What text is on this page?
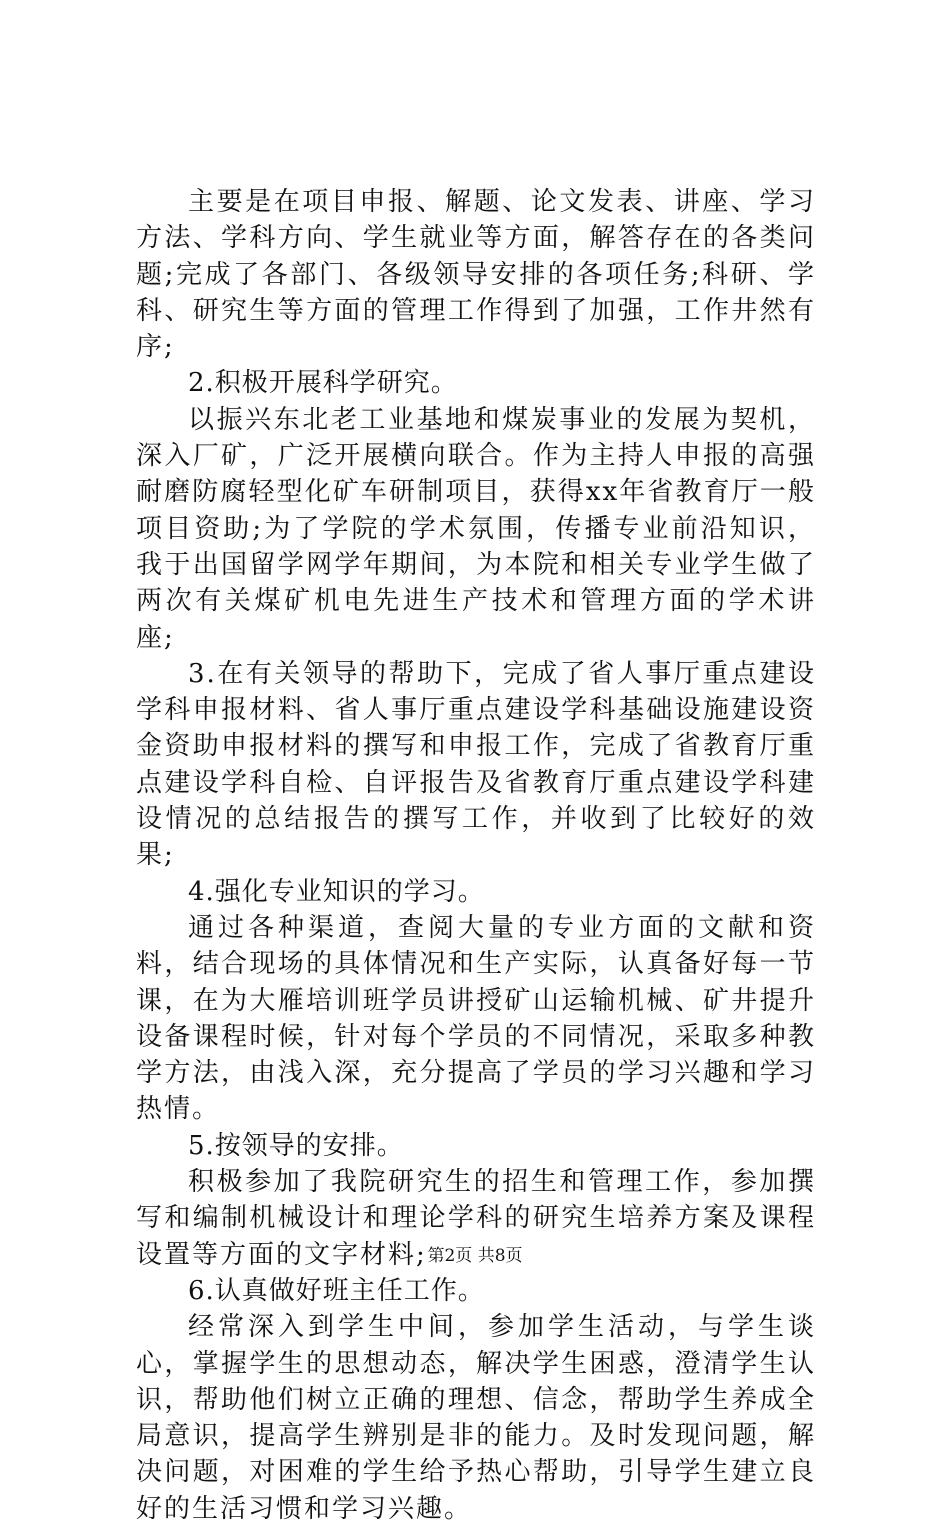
主要是在项目申报、解题、论文发表、讲座、学习方法、学科方向、学生就业等方面，解答存在的各类问题;完成了各部门、各级领导安排的各项任务;科研、学科、研究生等方面的管理工作得到了加强，工作井然有序;

2.积极开展科学研究。

以振兴东北老工业基地和煤炭事业的发展为契机，深入厂矿，广泛开展横向联合。作为主持人申报的高强耐磨防腐轻型化矿车研制项目，获得xx年省教育厅一般项目资助;为了学院的学术氛围，传播专业前沿知识，我于出国留学网学年期间，为本院和相关专业学生做了两次有关煤矿机电先进生产技术和管理方面的学术讲座;

3.在有关领导的帮助下，完成了省人事厅重点建设学科申报材料、省人事厅重点建设学科基础设施建设资金资助申报材料的撰写和申报工作，完成了省教育厅重点建设学科自检、自评报告及省教育厅重点建设学科建设情况的总结报告的撰写工作，并收到了比较好的效果;

4.强化专业知识的学习。

通过各种渠道，查阅大量的专业方面的文献和资料，结合现场的具体情况和生产实际，认真备好每一节课，在为大雁培训班学员讲授矿山运输机械、矿井提升设备课程时候，针对每个学员的不同情况，采取多种教学方法，由浅入深，充分提高了学员的学习兴趣和学习热情。

5.按领导的安排。

积极参加了我院研究生的招生和管理工作，参加撰写和编制机械设计和理论学科的研究生培养方案及课程设置等方面的文字材料;

6.认真做好班主任工作。

经常深入到学生中间，参加学生活动，与学生谈心，掌握学生的思想动态，解决学生困惑，澄清学生认识，帮助他们树立正确的理想、信念，帮助学生养成全局意识，提高学生辨别是非的能力。及时发现问题，解决问题，对困难的学生给予热心帮助，引导学生建立良好的生活习惯和学习兴趣。

第2页 共8页
